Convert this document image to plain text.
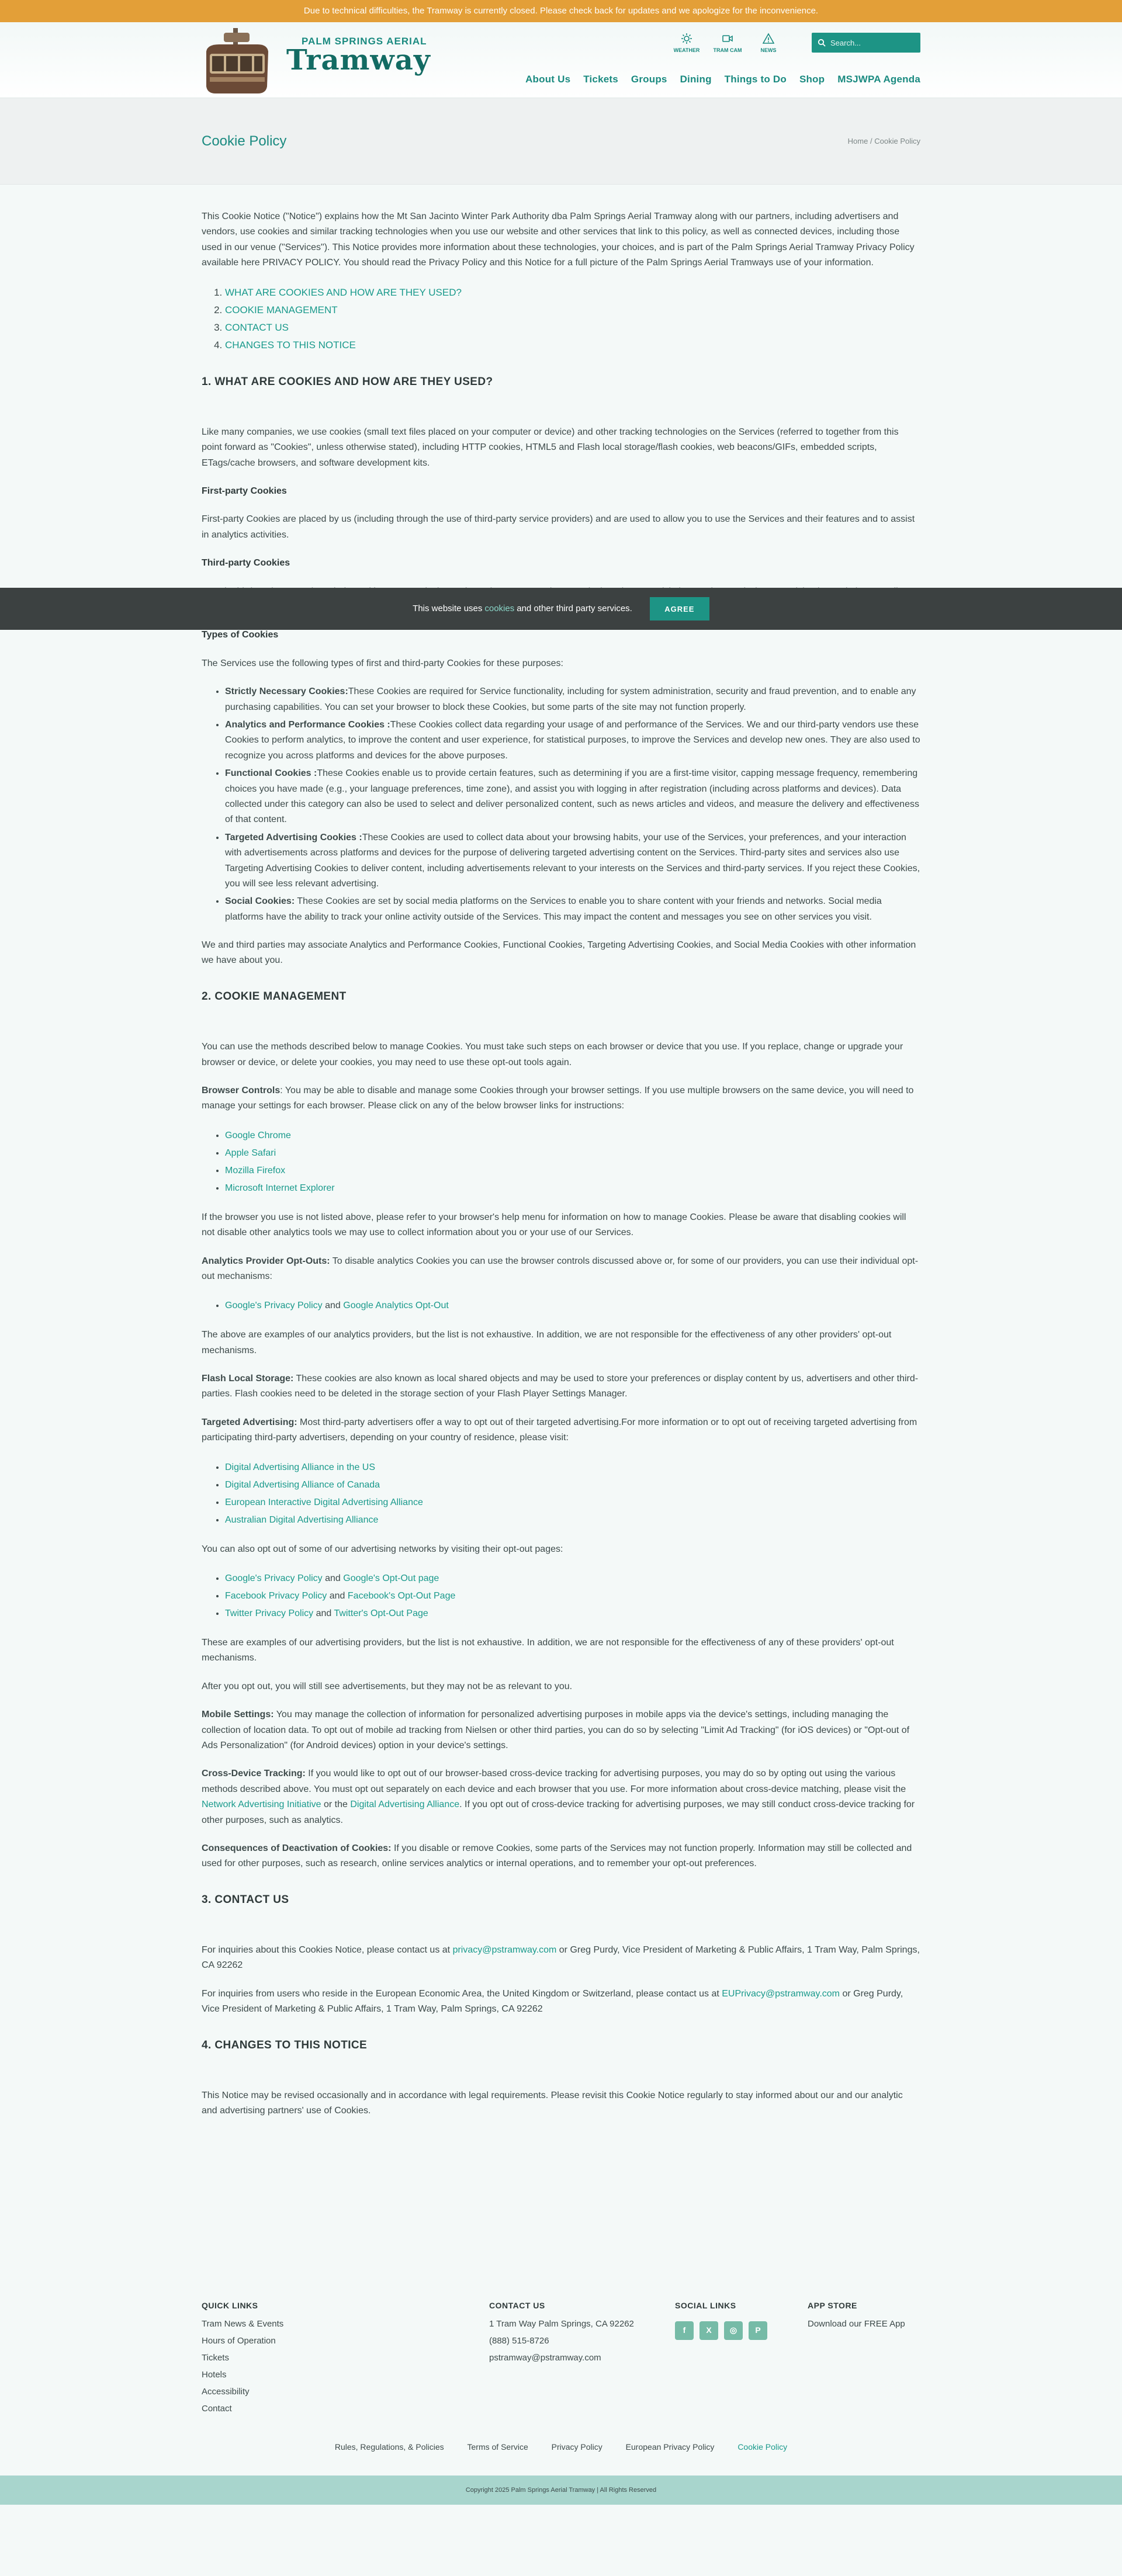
Due to technical difficulties, the Tramway is currently closed. Please check back for updates and we apologize for the inconvenience.
PALM SPRINGS AERIAL
Tramway	WEATHER	TRAM CAM	NEWS
Search...
About Us	Tickets	Groups	Dining	Things to Do	Shop	MSJWPA Agenda
Cookie Policy	Home / Cookie Policy

This Cookie Notice ("Notice") explains how the Mt San Jacinto Winter Park Authority dba Palm Springs Aerial Tramway along with our partners, including advertisers and vendors, use cookies and similar tracking technologies when you use our website and other services that link to this policy, as well as connected devices, including those used in our venue ("Services"). This Notice provides more information about these technologies, your choices, and is part of the Palm Springs Aerial Tramway Privacy Policy available here PRIVACY POLICY. You should read the Privacy Policy and this Notice for a full picture of the Palm Springs Aerial Tramways use of your information.

1. WHAT ARE COOKIES AND HOW ARE THEY USED?
2. COOKIE MANAGEMENT
3. CONTACT US
4. CHANGES TO THIS NOTICE
1. WHAT ARE COOKIES AND HOW ARE THEY USED?

Like many companies, we use cookies (small text files placed on your computer or device) and other tracking technologies on the Services (referred to together from this point forward as "Cookies", unless otherwise stated), including HTTP cookies, HTML5 and Flash local storage/flash cookies, web beacons/GIFs, embedded scripts, ETags/cache browsers, and software development kits.

First-party Cookies

First-party Cookies are placed by us (including through the use of third-party service providers) and are used to allow you to use the Services and their features and to assist in analytics activities.

Third-party Cookies

Types of Cookies

The Services use the following types of first and third-party Cookies for these purposes:

• Strictly Necessary Cookies:These Cookies are required for Service functionality, including for system administration, security and fraud prevention, and to enable any purchasing capabilities. You can set your browser to block these Cookies, but some parts of the site may not function properly.
• Analytics and Performance Cookies :These Cookies collect data regarding your usage of and performance of the Services. We and our third-party vendors use these Cookies to perform analytics, to improve the content and user experience, for statistical purposes, to improve the Services and develop new ones. They are also used to recognize you across platforms and devices for the above purposes.
• Functional Cookies :These Cookies enable us to provide certain features, such as determining if you are a first-time visitor, capping message frequency, remembering choices you have made (e.g., your language preferences, time zone), and assist you with logging in after registration (including across platforms and devices). Data collected under this category can also be used to select and deliver personalized content, such as news articles and videos, and measure the delivery and effectiveness of that content.
• Targeted Advertising Cookies :These Cookies are used to collect data about your browsing habits, your use of the Services, your preferences, and your interaction with advertisements across platforms and devices for the purpose of delivering targeted advertising content on the Services. Third-party sites and services also use Targeting Advertising Cookies to deliver content, including advertisements relevant to your interests on the Services and third-party services. If you reject these Cookies, you will see less relevant advertising.
• Social Cookies: These Cookies are set by social media platforms on the Services to enable you to share content with your friends and networks. Social media platforms have the ability to track your online activity outside of the Services. This may impact the content and messages you see on other services you visit.

We and third parties may associate Analytics and Performance Cookies, Functional Cookies, Targeting Advertising Cookies, and Social Media Cookies with other information we have about you.

2. COOKIE MANAGEMENT

You can use the methods described below to manage Cookies. You must take such steps on each browser or device that you use. If you replace, change or upgrade your browser or device, or delete your cookies, you may need to use these opt-out tools again.

Browser Controls: You may be able to disable and manage some Cookies through your browser settings. If you use multiple browsers on the same device, you will need to manage your settings for each browser. Please click on any of the below browser links for instructions:

• Google Chrome
• Apple Safari
• Mozilla Firefox
• Microsoft Internet Explorer

If the browser you use is not listed above, please refer to your browser's help menu for information on how to manage Cookies. Please be aware that disabling cookies will not disable other analytics tools we may use to collect information about you or your use of our Services.

Analytics Provider Opt-Outs: To disable analytics Cookies you can use the browser controls discussed above or, for some of our providers, you can use their individual opt-out mechanisms:

• Google's Privacy Policy and Google Analytics Opt-Out

The above are examples of our analytics providers, but the list is not exhaustive. In addition, we are not responsible for the effectiveness of any other providers' opt-out mechanisms.

Flash Local Storage: These cookies are also known as local shared objects and may be used to store your preferences or display content by us, advertisers and other third-parties. Flash cookies need to be deleted in the storage section of your Flash Player Settings Manager.

Targeted Advertising: Most third-party advertisers offer a way to opt out of their targeted advertising.For more information or to opt out of receiving targeted advertising from participating third-party advertisers, depending on your country of residence, please visit:

• Digital Advertising Alliance in the US
• Digital Advertising Alliance of Canada
• European Interactive Digital Advertising Alliance
• Australian Digital Advertising Alliance

You can also opt out of some of our advertising networks by visiting their opt-out pages:

• Google's Privacy Policy and Google's Opt-Out page
• Facebook Privacy Policy and Facebook's Opt-Out Page
• Twitter Privacy Policy and Twitter's Opt-Out Page

These are examples of our advertising providers, but the list is not exhaustive. In addition, we are not responsible for the effectiveness of any of these providers' opt-out mechanisms.

After you opt out, you will still see advertisements, but they may not be as relevant to you.

Mobile Settings: You may manage the collection of information for personalized advertising purposes in mobile apps via the device's settings, including managing the collection of location data. To opt out of mobile ad tracking from Nielsen or other third parties, you can do so by selecting "Limit Ad Tracking" (for iOS devices) or "Opt-out of Ads Personalization" (for Android devices) option in your device's settings.

Cross-Device Tracking: If you would like to opt out of our browser-based cross-device tracking for advertising purposes, you may do so by opting out using the various methods described above. You must opt out separately on each device and each browser that you use. For more information about cross-device matching, please visit the Network Advertising Initiative or the Digital Advertising Alliance. If you opt out of cross-device tracking for advertising purposes, we may still conduct cross-device tracking for other purposes, such as analytics.

Consequences of Deactivation of Cookies: If you disable or remove Cookies, some parts of the Services may not function properly. Information may still be collected and used for other purposes, such as research, online services analytics or internal operations, and to remember your opt-out preferences.

3. CONTACT US

For inquiries about this Cookies Notice, please contact us at privacy@pstramway.com or Greg Purdy, Vice President of Marketing & Public Affairs, 1 Tram Way, Palm Springs, CA 92262

For inquiries from users who reside in the European Economic Area, the United Kingdom or Switzerland, please contact us at EUPrivacy@pstramway.com or Greg Purdy, Vice President of Marketing & Public Affairs, 1 Tram Way, Palm Springs, CA 92262

4. CHANGES TO THIS NOTICE

This Notice may be revised occasionally and in accordance with legal requirements. Please revisit this Cookie Notice regularly to stay informed about our and our analytic and advertising partners' use of Cookies.

This website uses cookies and other third party services.	AGREE
QUICK LINKS
Tram News & Events
Hours of Operation
Tickets
Hotels
Accessibility
Contact
CONTACT US
1 Tram Way Palm Springs, CA 92262
(888) 515-8726
pstramway@pstramway.com
SOCIAL LINKS
f	X	◎	P
APP STORE
Download our FREE App
Rules, Regulations, & Policies	Terms of Service	Privacy Policy	European Privacy Policy	Cookie Policy
Copyright 2025 Palm Springs Aerial Tramway | All Rights Reserved
